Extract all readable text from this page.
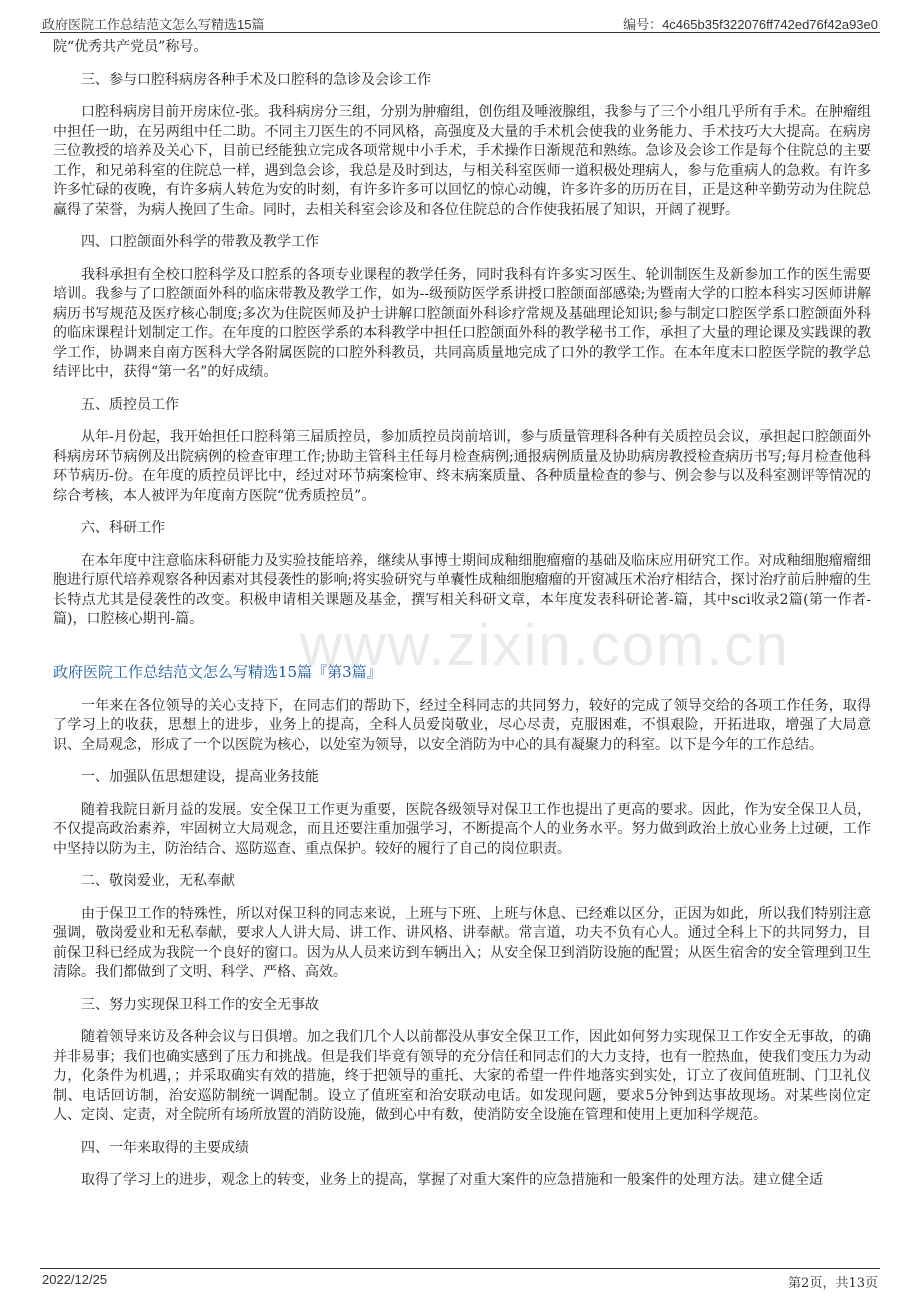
政府医院工作总结范文怎么写精选15篇	编号：4c465b35f322076ff742ed76f42a93e0

院“优秀共产党员”称号。

三、参与口腔科病房各种手术及口腔科的急诊及会诊工作

口腔科病房目前开房床位-张。我科病房分三组，分别为肿瘤组，创伤组及唾液腺组，我参与了三个小组几乎所有手术。在肿瘤组中担任一助，在另两组中任二助。不同主刀医生的不同风格，高强度及大量的手术机会使我的业务能力、手术技巧大大提高。在病房三位教授的培养及关心下，目前已经能独立完成各项常规中小手术，手术操作日渐规范和熟练。急诊及会诊工作是每个住院总的主要工作，和兄弟科室的住院总一样，遇到急会诊，我总是及时到达，与相关科室医师一道积极处理病人，参与危重病人的急救。有许多许多忙碌的夜晚，有许多病人转危为安的时刻，有许多许多可以回忆的惊心动魄，许多许多的历历在目，正是这种辛勤劳动为住院总赢得了荣誉，为病人挽回了生命。同时，去相关科室会诊及和各位住院总的合作使我拓展了知识，开阔了视野。

四、口腔颌面外科学的带教及教学工作

我科承担有全校口腔科学及口腔系的各项专业课程的教学任务，同时我科有许多实习医生、轮训制医生及新参加工作的医生需要培训。我参与了口腔颌面外科的临床带教及教学工作，如为--级预防医学系讲授口腔颌面部感染;为暨南大学的口腔本科实习医师讲解病历书写规范及医疗核心制度;多次为住院医师及护士讲解口腔颌面外科诊疗常规及基础理论知识;参与制定口腔医学系口腔颌面外科的临床课程计划制定工作。在年度的口腔医学系的本科教学中担任口腔颌面外科的教学秘书工作，承担了大量的理论课及实践课的教学工作，协调来自南方医科大学各附属医院的口腔外科教员，共同高质量地完成了口外的教学工作。在本年度末口腔医学院的教学总结评比中，获得“第一名”的好成绩。

五、质控员工作

从年-月份起，我开始担任口腔科第三届质控员，参加质控员岗前培训，参与质量管理科各种有关质控员会议，承担起口腔颌面外科病房环节病例及出院病例的检查审理工作;协助主管科主任每月检查病例;通报病例质量及协助病房教授检查病历书写;每月检查他科环节病历-份。在年度的质控员评比中，经过对环节病案检审、终末病案质量、各种质量检查的参与、例会参与以及科室测评等情况的综合考核，本人被评为年度南方医院“优秀质控员”。

六、科研工作

在本年度中注意临床科研能力及实验技能培养，继续从事博士期间成釉细胞瘤瘤的基础及临床应用研究工作。对成釉细胞瘤瘤细胞进行原代培养观察各种因素对其侵袭性的影响;将实验研究与单囊性成釉细胞瘤瘤的开窗减压术治疗相结合，探讨治疗前后肿瘤的生长特点尤其是侵袭性的改变。积极申请相关课题及基金，撰写相关科研文章，本年度发表科研论著-篇，其中sci收录2篇(第一作者-篇)，口腔核心期刊-篇。

政府医院工作总结范文怎么写精选15篇『第3篇』

一年来在各位领导的关心支持下，在同志们的帮助下，经过全科同志的共同努力，较好的完成了领导交给的各项工作任务，取得了学习上的收获，思想上的进步，业务上的提高，全科人员爱岗敬业，尽心尽责，克服困难，不惧艰险，开拓进取，增强了大局意识、全局观念，形成了一个以医院为核心，以处室为领导，以安全消防为中心的具有凝聚力的科室。以下是今年的工作总结。

一、加强队伍思想建设，提高业务技能

随着我院日新月益的发展。安全保卫工作更为重要，医院各级领导对保卫工作也提出了更高的要求。因此，作为安全保卫人员，不仅提高政治素养，牢固树立大局观念，而且还要注重加强学习，不断提高个人的业务水平。努力做到政治上放心业务上过硬，工作中坚持以防为主，防治结合、巡防巡查、重点保护。较好的履行了自己的岗位职责。

二、敬岗爱业，无私奉献

由于保卫工作的特殊性，所以对保卫科的同志来说，上班与下班、上班与休息、已经难以区分，正因为如此，所以我们特别注意强调，敬岗爱业和无私奉献，要求人人讲大局、讲工作、讲风格、讲奉献。常言道，功夫不负有心人。通过全科上下的共同努力，目前保卫科已经成为我院一个良好的窗口。因为从人员来访到车辆出入；从安全保卫到消防设施的配置；从医生宿舍的安全管理到卫生清除。我们都做到了文明、科学、严格、高效。

三、努力实现保卫科工作的安全无事故

随着领导来访及各种会议与日俱增。加之我们几个人以前都没从事安全保卫工作，因此如何努力实现保卫工作安全无事故，的确并非易事；我们也确实感到了压力和挑战。但是我们毕竟有领导的充分信任和同志们的大力支持，也有一腔热血，使我们变压力为动力，化条件为机遇，；并采取确实有效的措施，终于把领导的重托、大家的希望一件件地落实到实处，订立了夜间值班制、门卫礼仪制、电话回访制，治安巡防制统一调配制。设立了值班室和治安联动电话。如发现问题，要求5分钟到达事故现场。对某些岗位定人、定岗、定责，对全院所有场所放置的消防设施，做到心中有数，使消防安全设施在管理和使用上更加科学规范。

四、一年来取得的主要成绩

取得了学习上的进步，观念上的转变，业务上的提高，掌握了对重大案件的应急措施和一般案件的处理方法。建立健全适

www.zixin.com.cn
2022/12/25	第2页，共13页
